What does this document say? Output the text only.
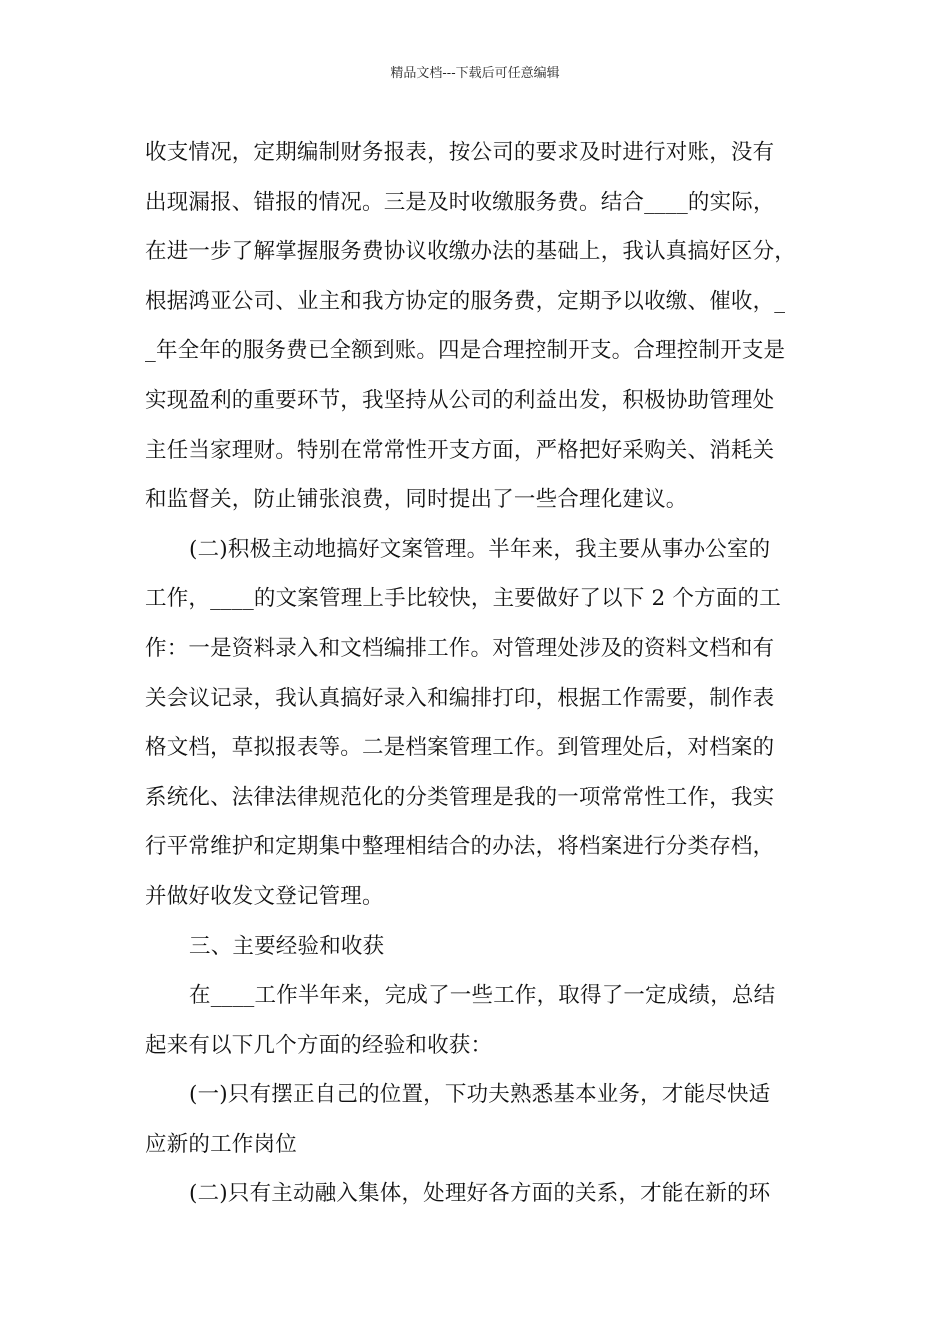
精品文档---下载后可任意编辑
收支情况，定期编制财务报表，按公司的要求及时进行对账，没有
出现漏报、错报的情况。三是及时收缴服务费。结合____的实际，
在进一步了解掌握服务费协议收缴办法的基础上，我认真搞好区分，
根据鸿亚公司、业主和我方协定的服务费，定期予以收缴、催收，_
_年全年的服务费已全额到账。四是合理控制开支。合理控制开支是
实现盈利的重要环节，我坚持从公司的利益出发，积极协助管理处
主任当家理财。特别在常常性开支方面，严格把好采购关、消耗关
和监督关，防止铺张浪费，同时提出了一些合理化建议。
(二)积极主动地搞好文案管理。半年来，我主要从事办公室的
工作，____的文案管理上手比较快，主要做好了以下 2 个方面的工
作：一是资料录入和文档编排工作。对管理处涉及的资料文档和有
关会议记录，我认真搞好录入和编排打印，根据工作需要，制作表
格文档，草拟报表等。二是档案管理工作。到管理处后，对档案的
系统化、法律法律规范化的分类管理是我的一项常常性工作，我实
行平常维护和定期集中整理相结合的办法，将档案进行分类存档，
并做好收发文登记管理。
三、主要经验和收获
在____工作半年来，完成了一些工作，取得了一定成绩，总结
起来有以下几个方面的经验和收获：
(一)只有摆正自己的位置，下功夫熟悉基本业务，才能尽快适
应新的工作岗位
(二)只有主动融入集体，处理好各方面的关系，才能在新的环
